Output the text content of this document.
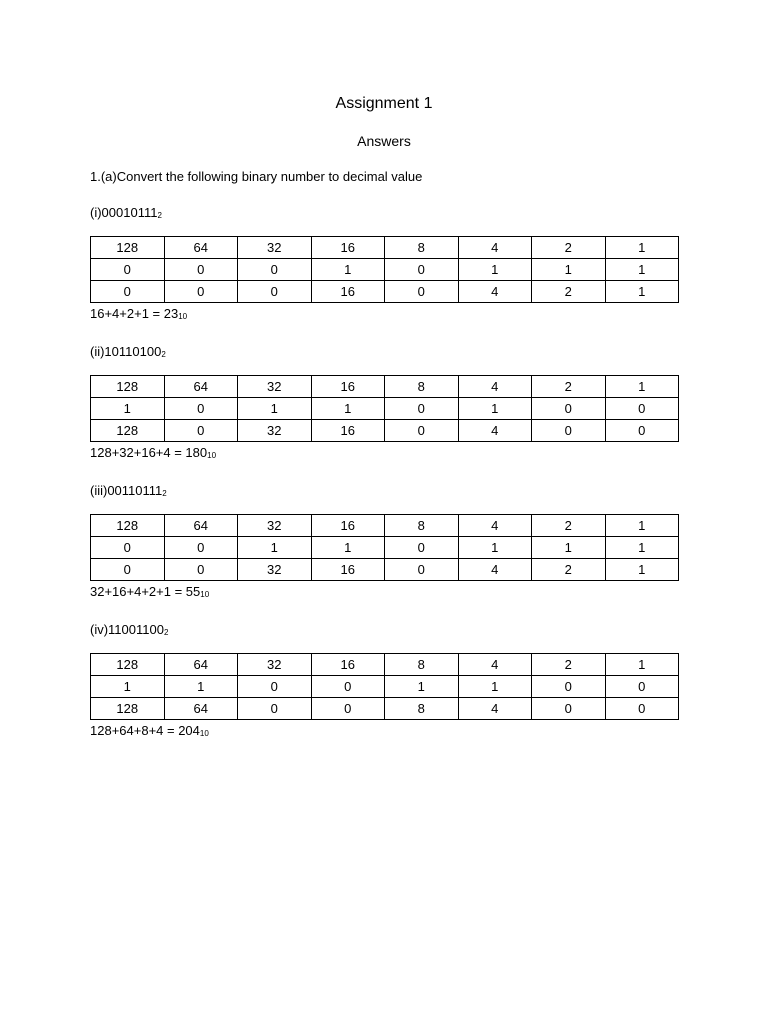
Assignment 1
Answers
1.(a)Convert the following binary number to decimal value
$(i)00010111_2$
128	64	32	16	8	4	2	1
0	0	0	1	0	1	1	1
0	0	0	16	0	4	2	1
$16+4+2+1 = 23_{10}$
$(ii)10110100_2$
128	64	32	16	8	4	2	1
1	0	1	1	0	1	0	0
128	0	32	16	0	4	0	0
$128+32+16+4 = 180_{10}$
$(iii)00110111_2$
128	64	32	16	8	4	2	1
0	0	1	1	0	1	1	1
0	0	32	16	0	4	2	1
$32+16+4+2+1 = 55_{10}$
$(iv)11001100_2$
128	64	32	16	8	4	2	1
1	1	0	0	1	1	0	0
128	64	0	0	8	4	0	0
$128+64+8+4 = 204_{10}$
